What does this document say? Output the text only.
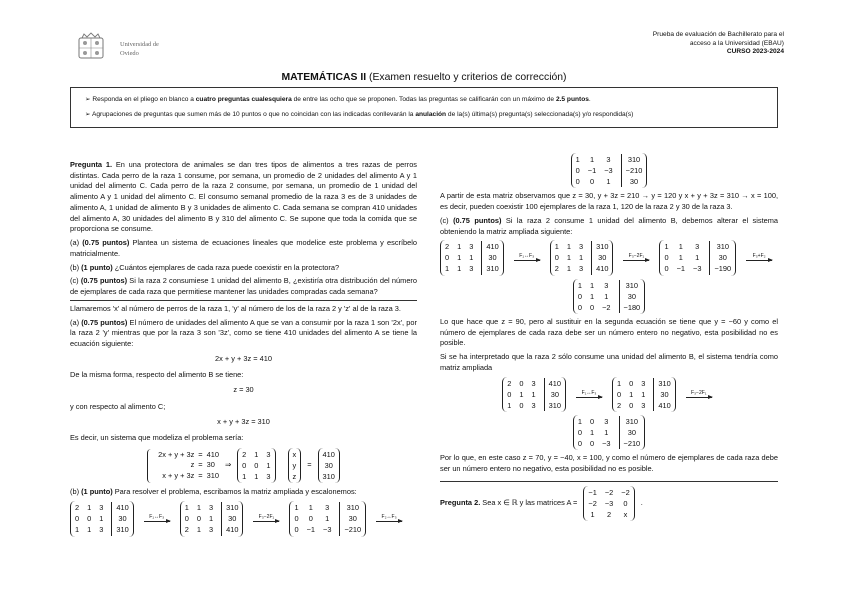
Universidad de
Oviedo
Prueba de evaluación de Bachillerato para el
acceso a la Universidad (EBAU)
CURSO 2023-2024
MATEMÁTICAS II (Examen resuelto y criterios de corrección)

➢ Responda en el pliego en blanco a cuatro preguntas cualesquiera de entre las ocho que se proponen. Todas las preguntas se calificarán con un máximo de 2.5 puntos.

➢ Agrupaciones de preguntas que sumen más de 10 puntos o que no coincidan con las indicadas conllevarán la anulación de la(s) última(s) pregunta(s) seleccionada(s) y/o respondida(s)

Pregunta 1. En una protectora de animales se dan tres tipos de alimentos a tres razas de perros distintas. Cada perro de la raza 1 consume, por semana, un promedio de 2 unidades del alimento A y 1 unidad del alimento C. Cada perro de la raza 2 consume, por semana, un promedio de 1 unidad del alimento A y 1 unidad del alimento C. El consumo semanal promedio de la raza 3 es de 3 unidades de alimento A, 1 unidad de alimento B y 3 unidades de alimento C. Cada semana se compran 410 unidades del alimento A, 30 unidades del alimento B y 310 del alimento C. Se supone que toda la comida que se proporciona se consume.

(a) (0.75 puntos) Plantea un sistema de ecuaciones lineales que modelice este problema y escríbelo matricialmente.

(b) (1 punto) ¿Cuántos ejemplares de cada raza puede coexistir en la protectora?

(c) (0.75 puntos) Si la raza 2 consumiese 1 unidad del alimento B, ¿existiría otra distribución del número de ejemplares de cada raza que permitiese mantener las unidades compradas cada semana?

Llamaremos 'x' al número de perros de la raza 1, 'y' al número de los de la raza 2 y 'z' al de la raza 3.

(a) (0.75 puntos) El número de unidades del alimento A que se van a consumir por la raza 1 son '2x', por la raza 2 'y' mientras que por la raza 3 son '3z', como se tiene 410 unidades del alimento A se tiene la ecuación siguiente:

2x + y + 3z = 410

De la misma forma, respecto del alimento B se tiene:

z = 30

y con respecto al alimento C;

x + y + 3z = 310

Es decir, un sistema que modeliza el problema sería:

2x + y + 3z = 410
z = 30
x + y + 3z = 310
⇒
2 1 3
0 0 1
1 1 3
x
y
z
=
410
30
310

(b) (1 punto) Para resolver el problema, escribamos la matriz ampliada y escalonemos:

2 1 3	410
0 0 1	30
1 1 3	310
F₁↔F₃
1 1 3	310
0 0 1	30
2 1 3	410
F₃−2F₁
1 1 3	310
0 0 1	30
0 −1 −3	−210
F₂↔F₃
1 1 3	310
0 −1 −3	−210
0 0 1	30

A partir de esta matriz observamos que z = 30, y + 3z = 210 → y = 120 y x + y + 3z = 310 → x = 100, es decir, pueden coexistir 100 ejemplares de la raza 1, 120 de la raza 2 y 30 de la raza 3.

(c) (0.75 puntos) Si la raza 2 consume 1 unidad del alimento B, debemos alterar el sistema obteniendo la matriz ampliada siguiente:

2 1 3	410
0 1 1	30
1 1 3	310
F₁↔F₃
1 1 3	310
0 1 1	30
2 1 3	410
F₃−2F₁
1 1 3	310
0 1 1	30
0 −1 −3	−190
F₃+F₂
1 1 3	310
0 1 1	30
0 0 −2	−180

Lo que hace que z = 90, pero al sustituir en la segunda ecuación se tiene que y = −60 y como el número de ejemplares de cada raza debe ser un número entero no negativo, esta posibilidad no es posible.

Si se ha interpretado que la raza 2 sólo consume una unidad del alimento B, el sistema tendría como matriz ampliada

2 0 3	410
0 1 1	30
1 0 3	310
F₁↔F₃
1 0 3	310
0 1 1	30
2 0 3	410
F₃−2F₁
1 0 3	310
0 1 1	30
0 0 −3	−210

Por lo que, en este caso z = 70, y = −40, x = 100, y como el número de ejemplares de cada raza debe ser un número entero no negativo, esta posibilidad no es posible.

Pregunta 2. Sea x ∈ ℝ y las matrices A =
−1 −2 −2
−2 −3 0
1 2	x
.
